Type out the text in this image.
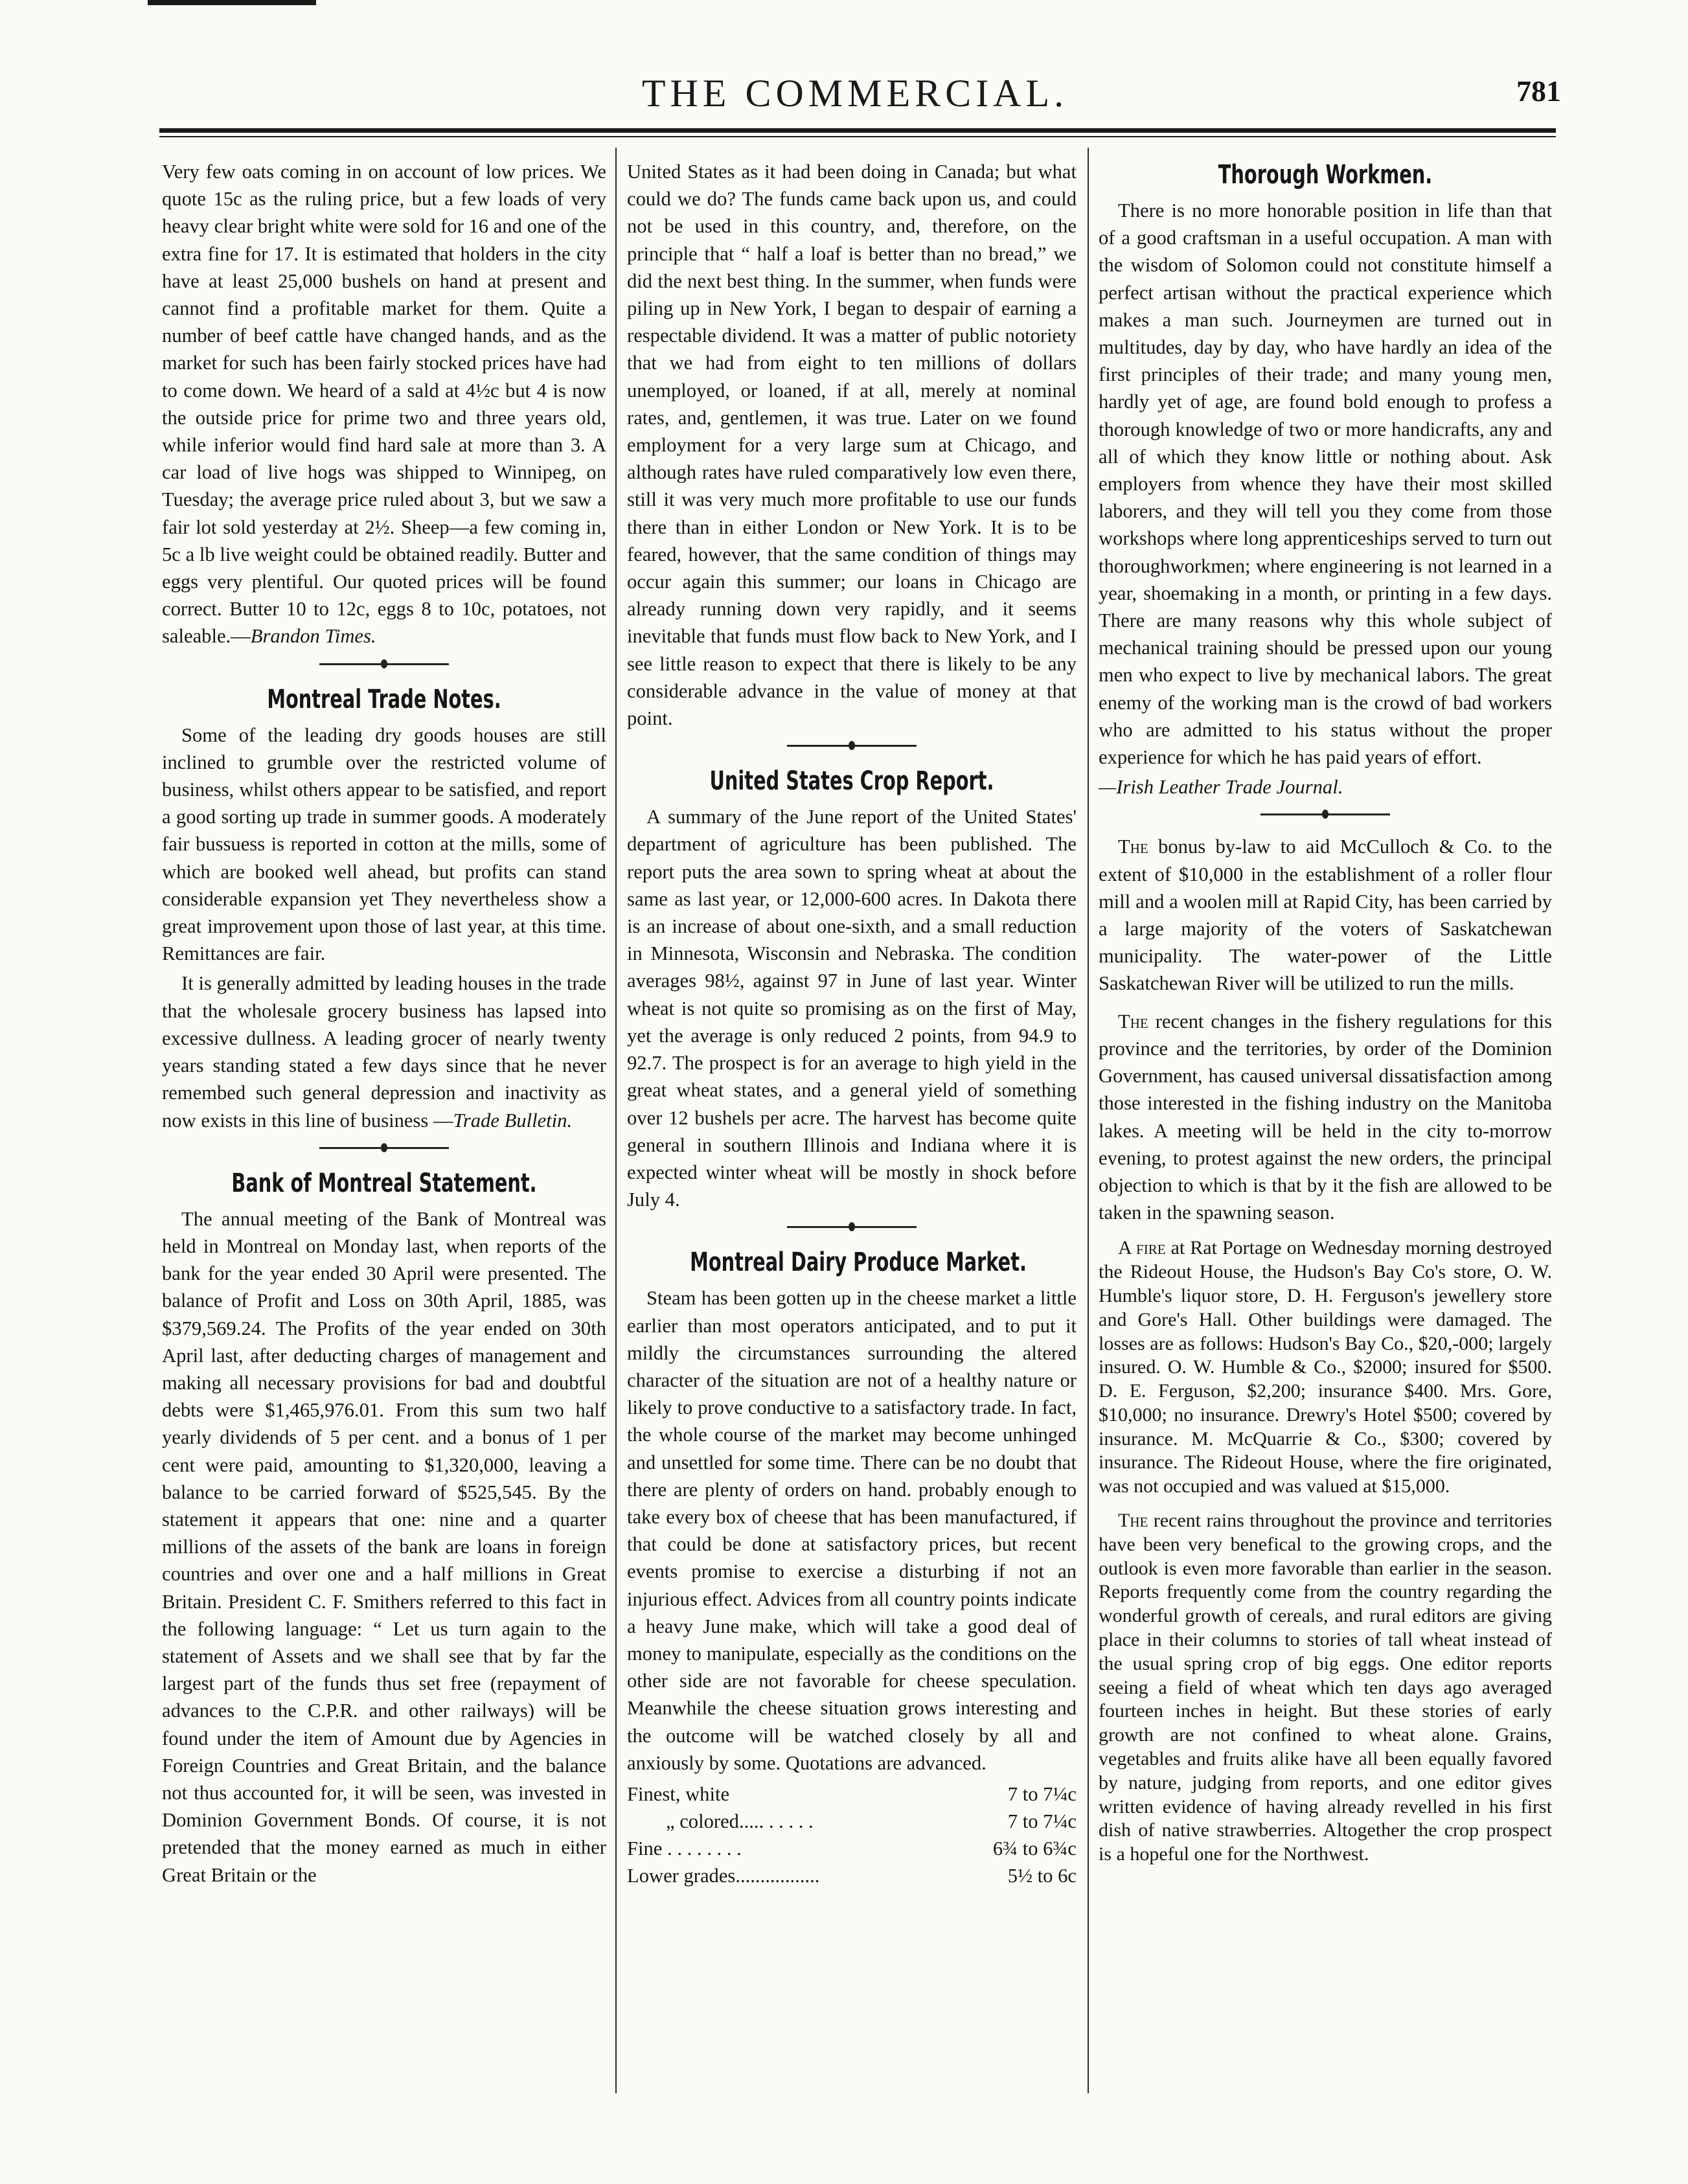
THE COMMERCIAL.	781

Very few oats coming in on account of low prices. We quote 15c as the ruling price, but a few loads of very heavy clear bright white were sold for 16 and one of the extra fine for 17. It is estimated that holders in the city have at least 25,000 bushels on hand at present and cannot find a profitable market for them. Quite a number of beef cattle have changed hands, and as the market for such has been fairly stocked prices have had to come down. We heard of a sald at 4½c but 4 is now the outside price for prime two and three years old, while inferior would find hard sale at more than 3. A car load of live hogs was shipped to Winnipeg, on Tuesday; the average price ruled about 3, but we saw a fair lot sold yesterday at 2½. Sheep—a few coming in, 5c a lb live weight could be obtained readily. Butter and eggs very plentiful. Our quoted prices will be found correct. Butter 10 to 12c, eggs 8 to 10c, potatoes, not saleable.—Brandon Times.

Montreal Trade Notes.

Some of the leading dry goods houses are still inclined to grumble over the restricted volume of business, whilst others appear to be satisfied, and report a good sorting up trade in summer goods. A moderately fair bussuess is reported in cotton at the mills, some of which are booked well ahead, but profits can stand considerable expansion yet They nevertheless show a great improvement upon those of last year, at this time. Remittances are fair.

It is generally admitted by leading houses in the trade that the wholesale grocery business has lapsed into excessive dullness. A leading grocer of nearly twenty years standing stated a few days since that he never remembed such general depression and inactivity as now exists in this line of business —Trade Bulletin.

Bank of Montreal Statement.

The annual meeting of the Bank of Montreal was held in Montreal on Monday last, when reports of the bank for the year ended 30 April were presented. The balance of Profit and Loss on 30th April, 1885, was $379,569.24. The Profits of the year ended on 30th April last, after deducting charges of management and making all necessary provisions for bad and doubtful debts were $1,465,976.01. From this sum two half yearly dividends of 5 per cent. and a bonus of 1 per cent were paid, amounting to $1,320,000, leaving a balance to be carried forward of $525,545. By the statement it appears that one: nine and a quarter millions of the assets of the bank are loans in foreign countries and over one and a half millions in Great Britain. President C. F. Smithers referred to this fact in the following language: “ Let us turn again to the statement of Assets and we shall see that by far the largest part of the funds thus set free (repayment of advances to the C.P.R. and other railways) will be found under the item of Amount due by Agencies in Foreign Countries and Great Britain, and the balance not thus accounted for, it will be seen, was invested in Dominion Government Bonds. Of course, it is not pretended that the money earned as much in either Great Britain or the

United States as it had been doing in Canada; but what could we do? The funds came back upon us, and could not be used in this country, and, therefore, on the principle that “ half a loaf is better than no bread,” we did the next best thing. In the summer, when funds were piling up in New York, I began to despair of earning a respectable dividend. It was a matter of public notoriety that we had from eight to ten millions of dollars unemployed, or loaned, if at all, merely at nominal rates, and, gentlemen, it was true. Later on we found employment for a very large sum at Chicago, and although rates have ruled comparatively low even there, still it was very much more profitable to use our funds there than in either London or New York. It is to be feared, however, that the same condition of things may occur again this summer; our loans in Chicago are already running down very rapidly, and it seems inevitable that funds must flow back to New York, and I see little reason to expect that there is likely to be any considerable advance in the value of money at that point.

United States Crop Report.

A summary of the June report of the United States' department of agriculture has been published. The report puts the area sown to spring wheat at about the same as last year, or 12,000-600 acres. In Dakota there is an increase of about one-sixth, and a small reduction in Minnesota, Wisconsin and Nebraska. The condition averages 98½, against 97 in June of last year. Winter wheat is not quite so promising as on the first of May, yet the average is only reduced 2 points, from 94.9 to 92.7. The prospect is for an average to high yield in the great wheat states, and a general yield of something over 12 bushels per acre. The harvest has become quite general in southern Illinois and Indiana where it is expected winter wheat will be mostly in shock before July 4.

Montreal Dairy Produce Market.

Steam has been gotten up in the cheese market a little earlier than most operators anticipated, and to put it mildly the circumstances surrounding the altered character of the situation are not of a healthy nature or likely to prove conductive to a satisfactory trade. In fact, the whole course of the market may become unhinged and unsettled for some time. There can be no doubt that there are plenty of orders on hand. probably enough to take every box of cheese that has been manufactured, if that could be done at satisfactory prices, but recent events promise to exercise a disturbing if not an injurious effect. Advices from all country points indicate a heavy June make, which will take a good deal of money to manipulate, especially as the conditions on the other side are not favorable for cheese speculation. Meanwhile the cheese situation grows interesting and the outcome will be watched closely by all and anxiously by some. Quotations are advanced.

Finest, white	7 to 7¼c
„ colored..... . . . . .	7 to 7¼c
Fine . . . . . . . .	6¾ to 6¾c
Lower grades.................	5½ to 6c
Thorough Workmen.

There is no more honorable position in life than that of a good craftsman in a useful occupation. A man with the wisdom of Solomon could not constitute himself a perfect artisan without the practical experience which makes a man such. Journeymen are turned out in multitudes, day by day, who have hardly an idea of the first principles of their trade; and many young men, hardly yet of age, are found bold enough to profess a thorough knowledge of two or more handicrafts, any and all of which they know little or nothing about. Ask employers from whence they have their most skilled laborers, and they will tell you they come from those workshops where long apprenticeships served to turn out thoroughworkmen; where engineering is not learned in a year, shoemaking in a month, or printing in a few days. There are many reasons why this whole subject of mechanical training should be pressed upon our young men who expect to live by mechanical labors. The great enemy of the working man is the crowd of bad workers who are admitted to his status without the proper experience for which he has paid years of effort.

—Irish Leather Trade Journal.

The bonus by-law to aid McCulloch & Co. to the extent of $10,000 in the establishment of a roller flour mill and a woolen mill at Rapid City, has been carried by a large majority of the voters of Saskatchewan municipality. The water-power of the Little Saskatchewan River will be utilized to run the mills.

The recent changes in the fishery regulations for this province and the territories, by order of the Dominion Government, has caused universal dissatisfaction among those interested in the fishing industry on the Manitoba lakes. A meeting will be held in the city to-morrow evening, to protest against the new orders, the principal objection to which is that by it the fish are allowed to be taken in the spawning season.

A fire at Rat Portage on Wednesday morning destroyed the Rideout House, the Hudson's Bay Co's store, O. W. Humble's liquor store, D. H. Ferguson's jewellery store and Gore's Hall. Other buildings were damaged. The losses are as follows: Hudson's Bay Co., $20,-000; largely insured. O. W. Humble & Co., $2000; insured for $500. D. E. Ferguson, $2,200; insurance $400. Mrs. Gore, $10,000; no insurance. Drewry's Hotel $500; covered by insurance. M. McQuarrie & Co., $300; covered by insurance. The Rideout House, where the fire originated, was not occupied and was valued at $15,000.

The recent rains throughout the province and territories have been very benefical to the growing crops, and the outlook is even more favorable than earlier in the season. Reports frequently come from the country regarding the wonderful growth of cereals, and rural editors are giving place in their columns to stories of tall wheat instead of the usual spring crop of big eggs. One editor reports seeing a field of wheat which ten days ago averaged fourteen inches in height. But these stories of early growth are not confined to wheat alone. Grains, vegetables and fruits alike have all been equally favored by nature, judging from reports, and one editor gives written evidence of having already revelled in his first dish of native strawberries. Altogether the crop prospect is a hopeful one for the Northwest.
